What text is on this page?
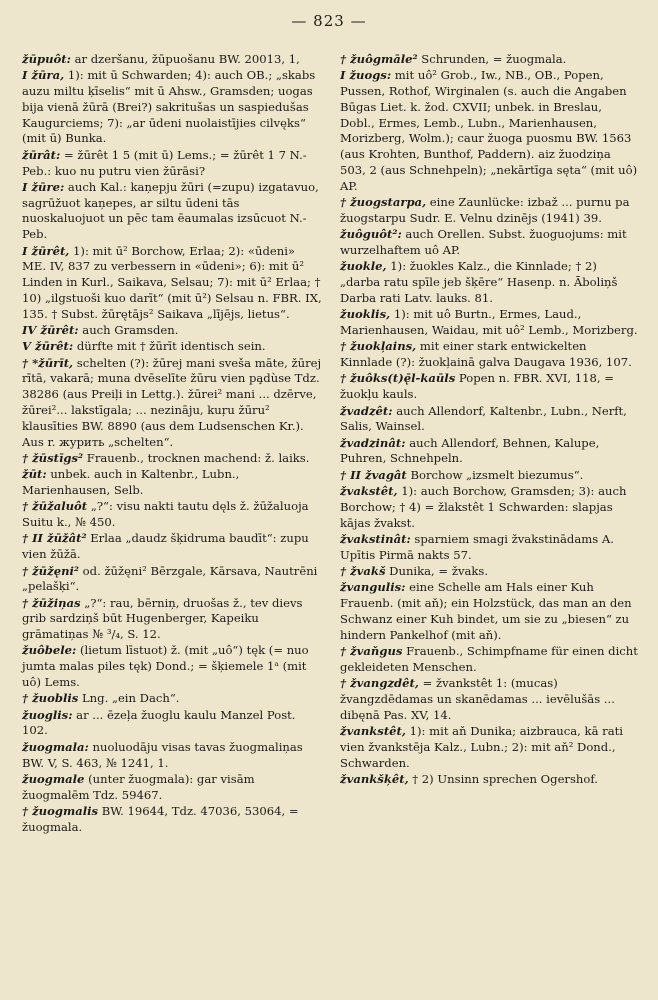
— 823 —

žūpuôt: ar dzeršanu, žūpuošanu BW. 20013, 1,

I žūra, 1): mit ū Schwarden; 4): auch OB.; „skabs auzu miltu ķīselis“ mit ū Ahsw., Gramsden; uogas bija vienā žūrā (Brei?) sakritušas un saspiedušas Kaugurciems; 7): „ar ūdeni nuolaistījies cilvęks“ (mit ū) Bunka.

žūrât: = žūrêt 1 5 (mit ū) Lems.; = žūrêt 1 7 N.-Peb.: kuo nu putru vien žūrāsi?

I žūre: auch Kal.: kaņepju žūri (=zupu) izgatavuo, sagrūžuot kaņepes, ar siltu ūdeni tās nuoskaluojuot un pēc tam ēaumalas izsūcuot N.-Peb.

I žūrêt, 1): mit ū² Borchow, Erlaa; 2): «ūdeni» ME. IV, 837 zu verbessern in «ūdeni»; 6): mit ū² Linden in Kurl., Saikava, Selsau; 7): mit ū² Erlaa; † 10) „ilgstuoši kuo darīt“ (mit ū²) Selsau n. FBR. IX, 135. † Subst. žūrętājs² Saikava „lījējs, lietus“.

IV žūrêt: auch Gramsden.

V žūrêt: dürfte mit † žūrīt identisch sein.

† *žūrīt, schelten (?): žūrej mani sveša māte, žūrej rītā, vakarā; muna dvēselīte žūru vien pa̧dùse Tdz. 38286 (aus Preiļi in Lettg.). žūrei² mani ... dzērve, žūrei²... lakstīgala; ... nezināju, kuŗu žūru² klausīties BW. 8890 (aus dem Ludsenschen Kr.). Aus r. журить „schelten“.

† žūstīgs² Frauenb., trocknen machend: ž. laiks.

žūt: unbek. auch in Kaltenbr., Lubn., Marienhausen, Selb.

† žūžaluôt „?“: visu nakti tautu dęls ž. žūžaluoja Suitu k., № 450.

† II žūžât² Erlaa „daudz šķidruma baudīt“: zupu vien žūžā.

† žūžęni² od. žūžęni² Bērzgale, Kārsava, Nautrēni „pelašķi“.

† žūžiņas „?“: rau, bērniņ, druošas ž., tev dievs grib sardziņš būt Hugenberger, Kapeiku grāmatiņas № ³/₄, S. 12.

žuôbele: (lietum līstuot) ž. (mit „uô“) tęk (= nuo jumta malas piles tęk) Dond.; = šķiemele 1ᵃ (mit uô) Lems.

† žuoblis Lng. „ein Dach“.

žuoglis: ar ... ēzeļa žuoglu kaulu Manzel Post. 102.

žuogmala: nuoluodāju visas tavas žuogmaliņas BW. V, S. 463, № 1241, 1.

žuogmale (unter žuogmala): gar visām žuogmalēm Tdz. 59467.

† žuogmalis BW. 19644, Tdz. 47036, 53064, = žuogmala.

† žuôgmāle² Schrunden, = žuogmala.

I žuogs: mit uô² Grob., Iw., NB., OB., Popen, Pussen, Rothof, Wirginalen (s. auch die Angaben Būgas Liet. k. žod. CXVII; unbek. in Breslau, Dobl., Ermes, Lemb., Lubn., Marienhausen, Morizberg, Wolm.); caur žuoga puosmu BW. 1563 (aus Krohten, Bunthof, Paddern). aiz žuodziņa 503, 2 (aus Schnehpeln); „nekārtīga sęta“ (mit uô) AP.

† žuogstarpa, eine Zaunlücke: izbaž ... purnu pa žuogstarpu Sudr. E. Velnu dzinējs (1941) 39.

žuôguôt²: auch Orellen. Subst. žuoguojums: mit wurzelhaftem uô AP.

žuokle, 1): žuokles Kalz., die Kinnlade; † 2) „darba ratu spīle jeb šķēre“ Hasenp. n. Āboliņš Darba rati Latv. lauks. 81.

žuoklis, 1): mit uô Burtn., Ermes, Laud., Marienhausen, Waidau, mit uô² Lemb., Morizberg.

† žuokļains, mit einer stark entwickelten Kinnlade (?): žuokļainā galva Daugava 1936, 107.

† žuôks(t)ę̄l-kaūls Popen n. FBR. XVI, 118, = žuokļu kauls.

žvadzêt: auch Allendorf, Kaltenbr., Lubn., Nerft, Salis, Wainsel.

žvadzinât: auch Allendorf, Behnen, Kalupe, Puhren, Schnehpeln.

† II žvagât Borchow „izsmelt biezumus“.

žvakstêt, 1): auch Borchow, Gramsden; 3): auch Borchow; † 4) = žlakstêt 1 Schwarden: slapjas kājas žvakst.

žvakstinât: sparniem smagi žvakstinādams A. Upītis Pirmā nakts 57.

† žvakš Dunika, = žvaks.

žvangulis: eine Schelle am Hals einer Kuh Frauenb. (mit aň); ein Holzstück, das man an den Schwanz einer Kuh bindet, um sie zu „biesen“ zu hindern Pankelhof (mit aň).

† žvaňgus Frauenb., Schimpfname für einen dicht gekleideten Menschen.

† žvangzdêt, = žvankstêt 1: (mucas) žvangzdēdamas un skanēdamas ... ievēlušās ... dibęnā Pas. XV, 14.

žvankstêt, 1): mit aň Dunika; aizbrauca, kā rati vien žvankstēja Kalz., Lubn.; 2): mit aň² Dond., Schwarden.

žvankšķêt, † 2) Unsinn sprechen Ogershof.
